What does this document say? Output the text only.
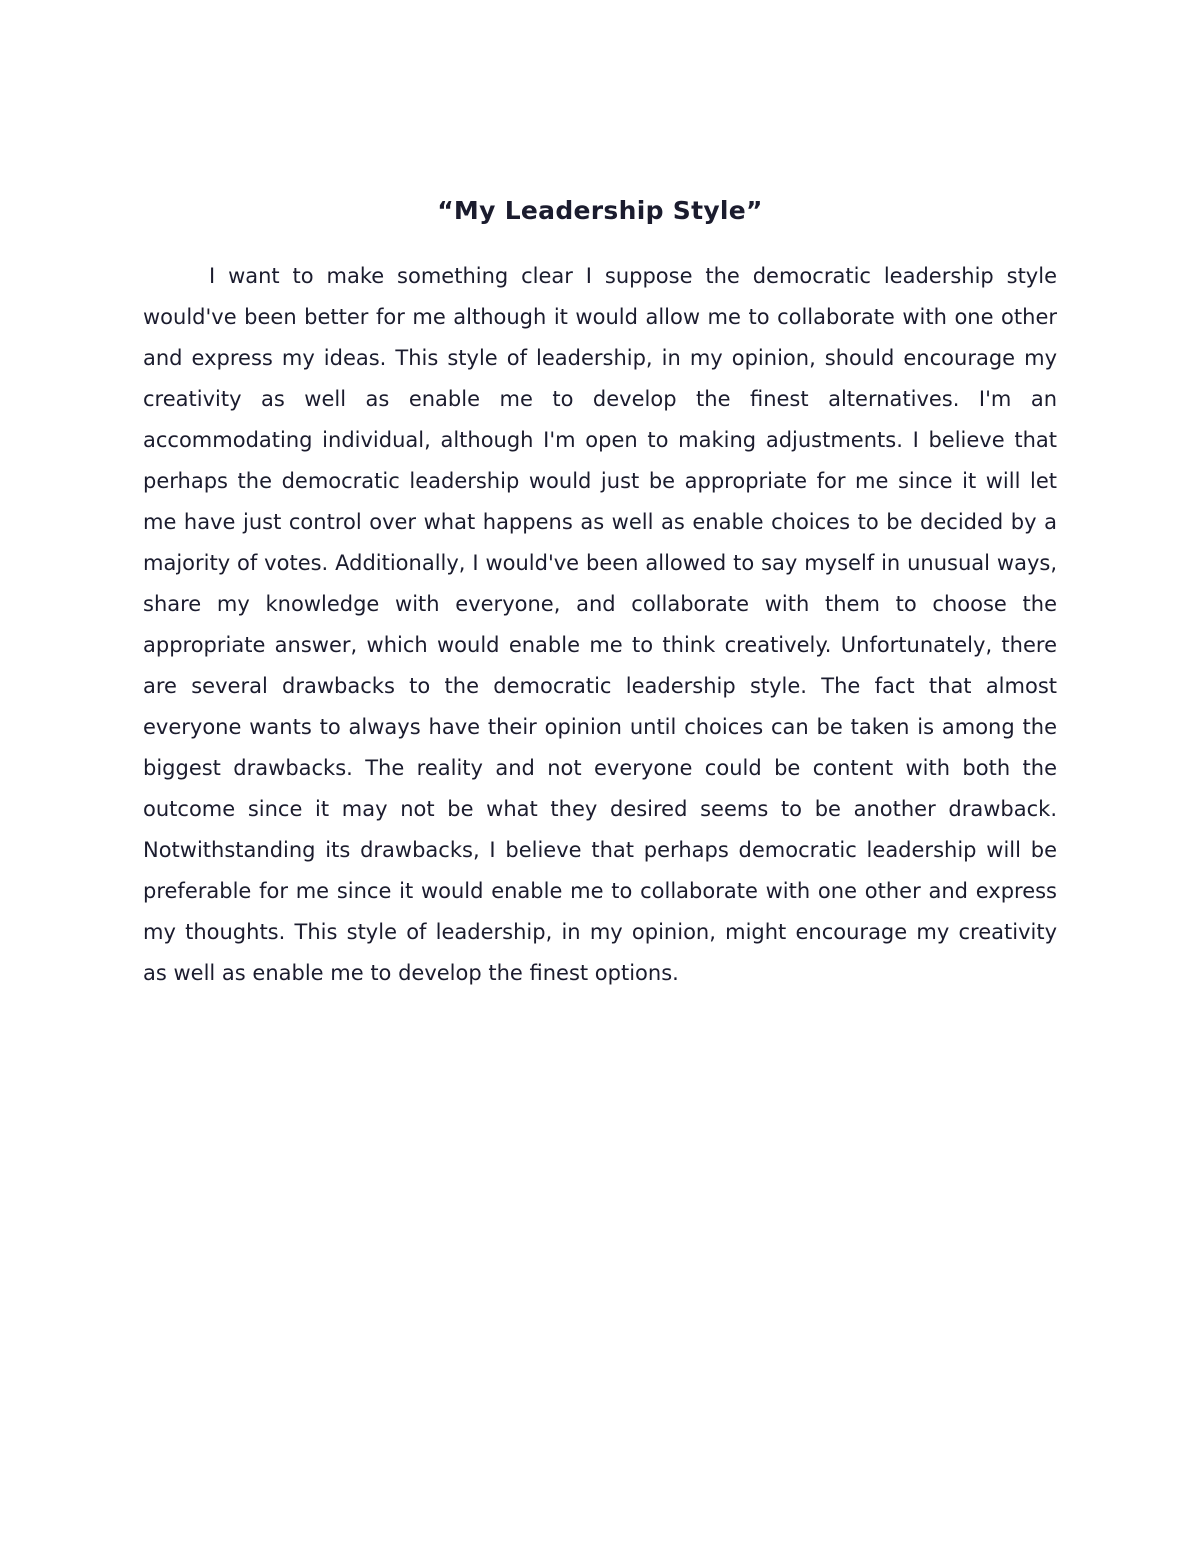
“My Leadership Style”

I want to make something clear I suppose the democratic leadership style would've been better for me although it would allow me to collaborate with one other and express my ideas. This style of leadership, in my opinion, should encourage my creativity as well as enable me to develop the finest alternatives. I'm an accommodating individual, although I'm open to making adjustments. I believe that perhaps the democratic leadership would just be appropriate for me since it will let me have just control over what happens as well as enable choices to be decided by a majority of votes. Additionally, I would've been allowed to say myself in unusual ways, share my knowledge with everyone, and collaborate with them to choose the appropriate answer, which would enable me to think creatively. Unfortunately, there are several drawbacks to the democratic leadership style. The fact that almost everyone wants to always have their opinion until choices can be taken is among the biggest drawbacks. The reality and not everyone could be content with both the outcome since it may not be what they desired seems to be another drawback. Notwithstanding its drawbacks, I believe that perhaps democratic leadership will be preferable for me since it would enable me to collaborate with one other and express my thoughts. This style of leadership, in my opinion, might encourage my creativity as well as enable me to develop the finest options.
